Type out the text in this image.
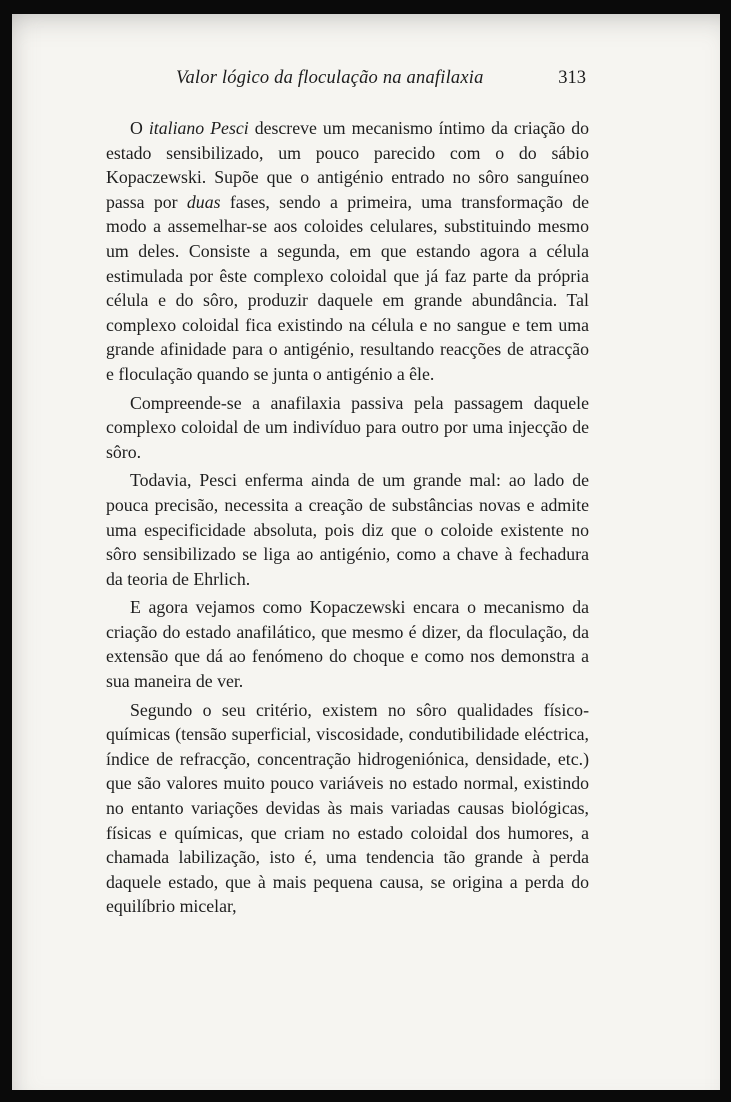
Valor lógico da floculação na anafilaxia	313

O italiano Pesci descreve um mecanismo íntimo da criação do estado sensibilizado, um pouco parecido com o do sábio Kopaczewski. Supõe que o antigénio entrado no sôro sanguíneo passa por duas fases, sendo a primeira, uma transformação de modo a assemelhar-se aos coloides celulares, substituindo mesmo um deles. Consiste a segunda, em que estando agora a célula estimulada por êste complexo coloidal que já faz parte da própria célula e do sôro, produzir daquele em grande abundância. Tal complexo coloidal fica existindo na célula e no sangue e tem uma grande afinidade para o antigénio, resultando reacções de atracção e floculação quando se junta o antigénio a êle.

Compreende-se a anafilaxia passiva pela passagem daquele complexo coloidal de um indivíduo para outro por uma injecção de sôro.

Todavia, Pesci enferma ainda de um grande mal: ao lado de pouca precisão, necessita a creação de substâncias novas e admite uma especificidade absoluta, pois diz que o coloide existente no sôro sensibilizado se liga ao antigénio, como a chave à fechadura da teoria de Ehrlich.

E agora vejamos como Kopaczewski encara o mecanismo da criação do estado anafilático, que mesmo é dizer, da floculação, da extensão que dá ao fenómeno do choque e como nos demonstra a sua maneira de ver.

Segundo o seu critério, existem no sôro qualidades físico-químicas (tensão superficial, viscosidade, condutibilidade eléctrica, índice de refracção, concentração hidrogeniónica, densidade, etc.) que são valores muito pouco variáveis no estado normal, existindo no entanto variações devidas às mais variadas causas biológicas, físicas e químicas, que criam no estado coloidal dos humores, a chamada labilização, isto é, uma tendencia tão grande à perda daquele estado, que à mais pequena causa, se origina a perda do equilíbrio micelar,
